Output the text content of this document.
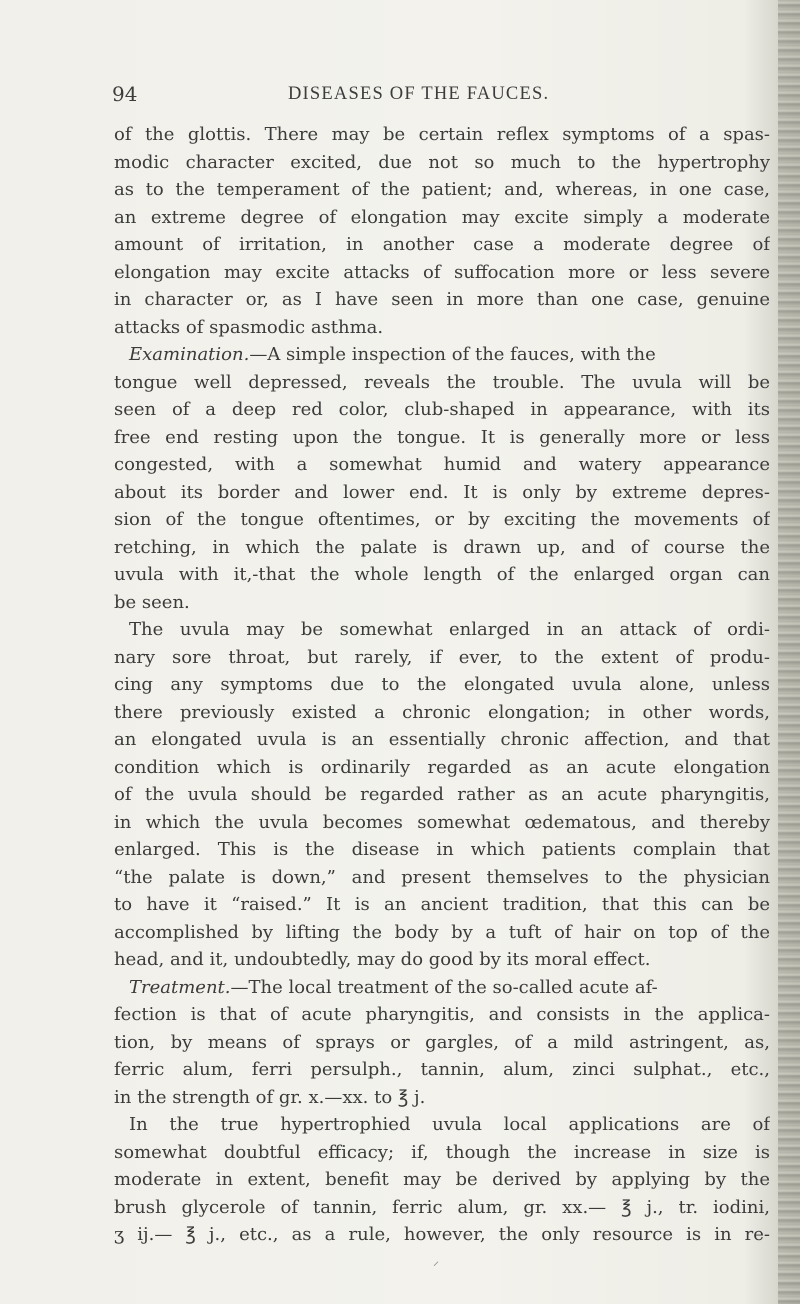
94	DISEASES OF THE FAUCES.
of the glottis. There may be certain reflex symptoms of a spas-
modic character excited, due not so much to the hypertrophy
as to the temperament of the patient; and, whereas, in one case,
an extreme degree of elongation may excite simply a moderate
amount of irritation, in another case a moderate degree of
elongation may excite attacks of suffocation more or less severe
in character or, as I have seen in more than one case, genuine
attacks of spasmodic asthma.
Examination.—A simple inspection of the fauces, with the
tongue well depressed, reveals the trouble. The uvula will be
seen of a deep red color, club-shaped in appearance, with its
free end resting upon the tongue. It is generally more or less
congested, with a somewhat humid and watery appearance
about its border and lower end. It is only by extreme depres-
sion of the tongue oftentimes, or by exciting the movements of
retching, in which the palate is drawn up, and of course the
uvula with it,-that the whole length of the enlarged organ can
be seen.
The uvula may be somewhat enlarged in an attack of ordi-
nary sore throat, but rarely, if ever, to the extent of produ-
cing any symptoms due to the elongated uvula alone, unless
there previously existed a chronic elongation; in other words,
an elongated uvula is an essentially chronic affection, and that
condition which is ordinarily regarded as an acute elongation
of the uvula should be regarded rather as an acute pharyngitis,
in which the uvula becomes somewhat œdematous, and thereby
enlarged. This is the disease in which patients complain that
“the palate is down,” and present themselves to the physician
to have it “raised.” It is an ancient tradition, that this can be
accomplished by lifting the body by a tuft of hair on top of the
head, and it, undoubtedly, may do good by its moral effect.
Treatment.—The local treatment of the so-called acute af-
fection is that of acute pharyngitis, and consists in the applica-
tion, by means of sprays or gargles, of a mild astringent, as,
ferric alum, ferri persulph., tannin, alum, zinci sulphat., etc.,
in the strength of gr. x.—xx. to ℥ j.
In the true hypertrophied uvula local applications are of
somewhat doubtful efficacy; if, though the increase in size is
moderate in extent, benefit may be derived by applying by the
brush glycerole of tannin, ferric alum, gr. xx.— ℥ j., tr. iodini,
ʒ ij.— ℥ j., etc., as a rule, however, the only resource is in re-
⸝
